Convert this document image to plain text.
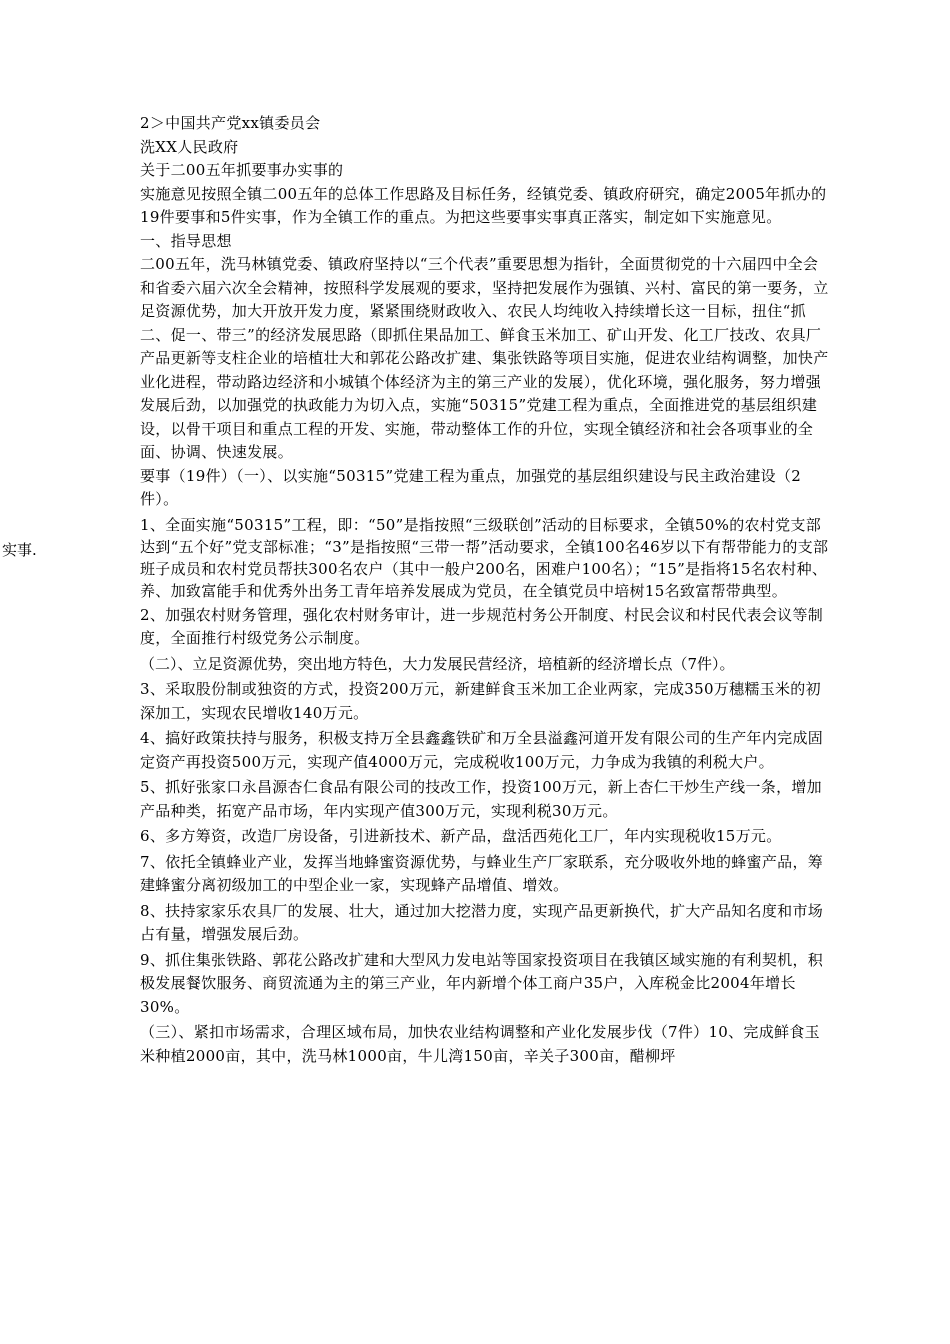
实事.

2＞中国共产党xx镇委员会

洗XX人民政府

关于二00五年抓要事办实事的

实施意见按照全镇二00五年的总体工作思路及目标任务，经镇党委、镇政府研究，确定2005年抓办的19件要事和5件实事，作为全镇工作的重点。为把这些要事实事真正落实，制定如下实施意见。

一、指导思想

二00五年，洗马林镇党委、镇政府坚持以“三个代表”重要思想为指针，全面贯彻党的十六届四中全会和省委六届六次全会精神，按照科学发展观的要求，坚持把发展作为强镇、兴村、富民的第一要务，立足资源优势，加大开放开发力度，紧紧围绕财政收入、农民人均纯收入持续增长这一目标，扭住“抓二、促一、带三”的经济发展思路（即抓住果品加工、鲜食玉米加工、矿山开发、化工厂技改、农具厂产品更新等支柱企业的培植壮大和郭花公路改扩建、集张铁路等项目实施，促进农业结构调整，加快产业化进程，带动路边经济和小城镇个体经济为主的第三产业的发展），优化环境，强化服务，努力增强发展后劲，以加强党的执政能力为切入点，实施“50315”党建工程为重点，全面推进党的基层组织建设，以骨干项目和重点工程的开发、实施，带动整体工作的升位，实现全镇经济和社会各项事业的全面、协调、快速发展。

要事（19件）（一）、以实施“50315”党建工程为重点，加强党的基层组织建设与民主政治建设（2件）。

1、全面实施“50315”工程，即：“50”是指按照“三级联创”活动的目标要求，全镇50%的农村党支部达到“五个好”党支部标准；“3”是指按照“三带一帮”活动要求，全镇100名46岁以下有帮带能力的支部班子成员和农村党员帮扶300名农户（其中一般户200名，困难户100名）；“15”是指将15名农村种、养、加致富能手和优秀外出务工青年培养发展成为党员，在全镇党员中培树15名致富帮带典型。

2、加强农村财务管理，强化农村财务审计，进一步规范村务公开制度、村民会议和村民代表会议等制度，全面推行村级党务公示制度。

（二）、立足资源优势，突出地方特色，大力发展民营经济，培植新的经济增长点（7件）。

3、采取股份制或独资的方式，投资200万元，新建鲜食玉米加工企业两家，完成350万穗糯玉米的初深加工，实现农民增收140万元。

4、搞好政策扶持与服务，积极支持万全县鑫鑫铁矿和万全县溢鑫河道开发有限公司的生产年内完成固定资产再投资500万元，实现产值4000万元，完成税收100万元，力争成为我镇的利税大户。

5、抓好张家口永昌源杏仁食品有限公司的技改工作，投资100万元，新上杏仁干炒生产线一条，增加产品种类，拓宽产品市场，年内实现产值300万元，实现利税30万元。

6、多方筹资，改造厂房设备，引进新技术、新产品，盘活西苑化工厂，年内实现税收15万元。

7、依托全镇蜂业产业，发挥当地蜂蜜资源优势，与蜂业生产厂家联系，充分吸收外地的蜂蜜产品，筹建蜂蜜分离初级加工的中型企业一家，实现蜂产品增值、增效。

8、扶持家家乐农具厂的发展、壮大，通过加大挖潜力度，实现产品更新换代，扩大产品知名度和市场占有量，增强发展后劲。

9、抓住集张铁路、郭花公路改扩建和大型风力发电站等国家投资项目在我镇区域实施的有利契机，积极发展餐饮服务、商贸流通为主的第三产业，年内新增个体工商户35户，入库税金比2004年增长30%。

（三）、紧扣市场需求，合理区域布局，加快农业结构调整和产业化发展步伐（7件）10、完成鲜食玉米种植2000亩，其中，洗马林1000亩，牛儿湾150亩，辛关子300亩，醋柳坪
